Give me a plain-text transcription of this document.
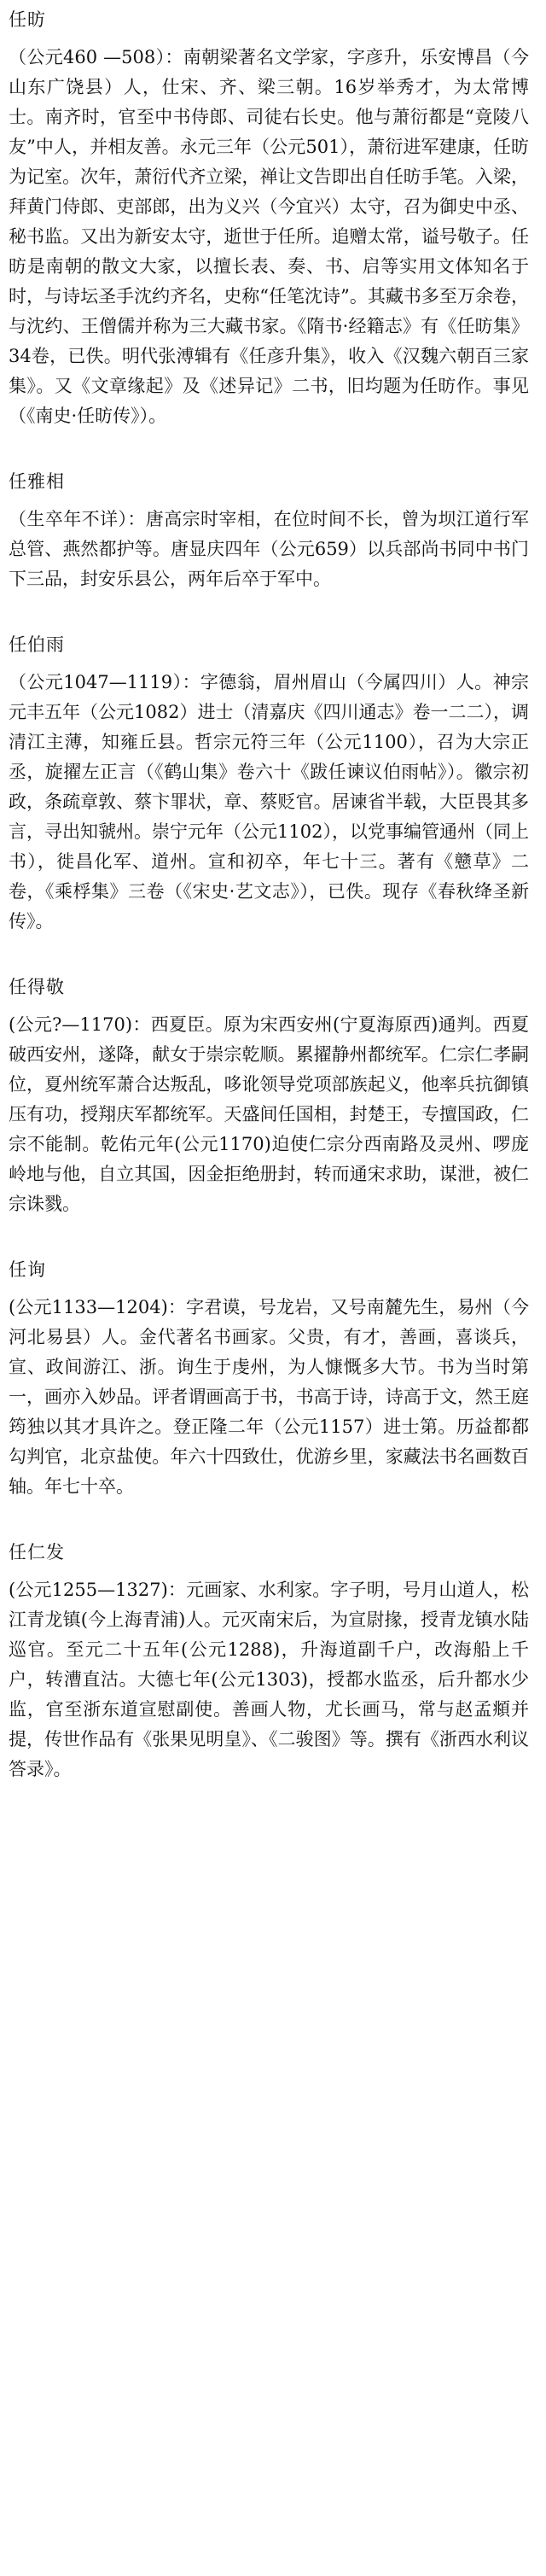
任昉

（公元460 —508）：南朝梁著名文学家，字彦升，乐安博昌（今山东广饶县）人，仕宋、齐、梁三朝。16岁举秀才，为太常博士。南齐时，官至中书侍郎、司徒右长史。他与萧衍都是“竟陵八友”中人，并相友善。永元三年（公元501），萧衍进军建康，任昉为记室。次年，萧衍代齐立梁，禅让文告即出自任昉手笔。入梁，拜黄门侍郎、吏部郎，出为义兴（今宜兴）太守，召为御史中丞、秘书监。又出为新安太守，逝世于任所。追赠太常，谥号敬子。任昉是南朝的散文大家，以擅长表、奏、书、启等实用文体知名于时，与诗坛圣手沈约齐名，史称“任笔沈诗”。其藏书多至万余卷，与沈约、王僧儒并称为三大藏书家。《隋书·经籍志》有《任昉集》34卷，已佚。明代张溥辑有《任彦升集》，收入《汉魏六朝百三家集》。又《文章缘起》及《述异记》二书，旧均题为任昉作。事见（《南史·任昉传》）。

任雅相

（生卒年不详）：唐高宗时宰相，在位时间不长，曾为坝江道行军总管、燕然都护等。唐显庆四年（公元659）以兵部尚书同中书门下三品，封安乐县公，两年后卒于军中。

任伯雨

（公元1047—1119）：字德翁，眉州眉山（今属四川）人。神宗元丰五年（公元1082）进士（清嘉庆《四川通志》卷一二二），调清江主薄，知雍丘县。哲宗元符三年（公元1100），召为大宗正丞，旋擢左正言（《鹤山集》卷六十《跋任谏议伯雨帖》）。徽宗初政，条疏章敦、蔡卞罪状，章、蔡贬官。居谏省半载，大臣畏其多言，寻出知虢州。崇宁元年（公元1102），以党事编管通州（同上书），徙昌化军、道州。宣和初卒，年七十三。著有《戆草》二卷，《乘桴集》三卷（《宋史·艺文志》），已佚。现存《春秋绛圣新传》。

任得敬

(公元?—1170)：西夏臣。原为宋西安州(宁夏海原西)通判。西夏破西安州，遂降，献女于崇宗乾顺。累擢静州都统军。仁宗仁孝嗣位，夏州统军萧合达叛乱，哆讹领导党项部族起义，他率兵抗御镇压有功，授翔庆军都统军。天盛间任国相，封楚王，专擅国政，仁宗不能制。乾佑元年(公元1170)迫使仁宗分西南路及灵州、啰庞岭地与他，自立其国，因金拒绝册封，转而通宋求助，谋泄，被仁宗诛戮。

任询

(公元1133—1204)：字君谟，号龙岩，又号南麓先生，易州（今河北易县）人。金代著名书画家。父贵，有才，善画，喜谈兵，宣、政间游江、浙。询生于虔州，为人慷慨多大节。书为当时第一，画亦入妙品。评者谓画高于书，书高于诗，诗高于文，然王庭筠独以其才具许之。登正隆二年（公元1157）进士第。历益都都勾判官，北京盐使。年六十四致仕，优游乡里，家藏法书名画数百轴。年七十卒。

任仁发

(公元1255—1327)：元画家、水利家。字子明，号月山道人，松江青龙镇(今上海青浦)人。元灭南宋后，为宣尉掾，授青龙镇水陆巡官。至元二十五年(公元1288)，升海道副千户，改海船上千户，转漕直沽。大德七年(公元1303)，授都水监丞，后升都水少监，官至浙东道宣慰副使。善画人物，尤长画马，常与赵孟頫并提，传世作品有《张果见明皇》、《二骏图》等。撰有《浙西水利议答录》。
